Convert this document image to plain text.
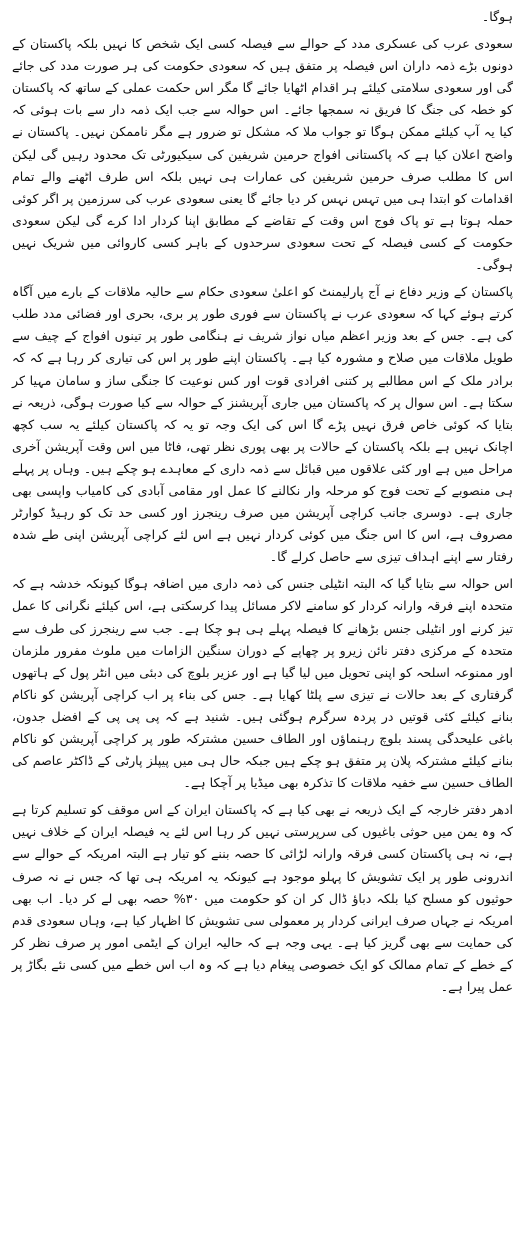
ہوگا۔

سعودی عرب کی عسکری مدد کے حوالے سے فیصلہ کسی ایک شخص کا نہیں بلکہ پاکستان کے دونوں بڑے ذمہ داران اس فیصلہ پر متفق ہیں کہ سعودی حکومت کی ہر صورت مدد کی جائے گی اور سعودی سلامتی کیلئے ہر اقدام اٹھایا جائے گا مگر اس حکمت عملی کے ساتھ کہ پاکستان کو خطہ کی جنگ کا فریق نہ سمجھا جائے۔ اس حوالہ سے جب ایک ذمہ دار سے بات ہوئی کہ کیا یہ آپ کیلئے ممکن ہوگا تو جواب ملا کہ مشکل تو ضرور ہے مگر ناممکن نہیں۔ پاکستان نے واضح اعلان کیا ہے کہ پاکستانی افواج حرمین شریفین کی سیکیورٹی تک محدود رہیں گی لیکن اس کا مطلب صرف حرمین شریفین کی عمارات ہی نہیں بلکہ اس طرف اٹھنے والے تمام اقدامات کو ابتدا ہی میں تہس نہس کر دیا جائے گا یعنی سعودی عرب کی سرزمین پر اگر کوئی حملہ ہوتا ہے تو پاک فوج اس وقت کے تقاضے کے مطابق اپنا کردار ادا کرے گی لیکن سعودی حکومت کے کسی فیصلہ کے تحت سعودی سرحدوں کے باہر کسی کاروائی میں شریک نہیں ہوگی۔

پاکستان کے وزیر دفاع نے آج پارلیمنٹ کو اعلیٰ سعودی حکام سے حالیہ ملاقات کے بارے میں آگاہ کرتے ہوئے کہا کہ سعودی عرب نے پاکستان سے فوری طور پر بری، بحری اور فضائی مدد طلب کی ہے۔ جس کے بعد وزیر اعظم میاں نواز شریف نے ہنگامی طور پر تینوں افواج کے چیف سے طویل ملاقات میں صلاح و مشورہ کیا ہے۔ پاکستان اپنے طور پر اس کی تیاری کر رہا ہے کہ کہ برادر ملک کے اس مطالبے پر کتنی افرادی قوت اور کس نوعیت کا جنگی ساز و سامان مہیا کر سکتا ہے۔ اس سوال پر کہ پاکستان میں جاری آپریشنز کے حوالہ سے کیا صورت ہوگی، ذریعہ نے بتایا کہ کوئی خاص فرق نہیں پڑے گا اس کی ایک وجہ تو یہ کہ پاکستان کیلئے یہ سب کچھ اچانک نہیں ہے بلکہ پاکستان کے حالات پر بھی پوری نظر تھی، فاٹا میں اس وقت آپریشن آخری مراحل میں ہے اور کئی علاقوں میں قبائل سے ذمہ داری کے معاہدے ہو چکے ہیں۔ وہاں پر پہلے ہی منصوبے کے تحت فوج کو مرحلہ وار نکالنے کا عمل اور مقامی آبادی کی کامیاب واپسی بھی جاری ہے۔ دوسری جانب کراچی آپریشن میں صرف رینجرز اور کسی حد تک کو رہیڈ کوارٹر مصروف ہے، اس کا اس جنگ میں کوئی کردار نہیں ہے اس لئے کراچی آپریشن اپنی طے شدہ رفتار سے اپنے اہداف تیزی سے حاصل کرلے گا۔

اس حوالہ سے بتایا گیا کہ البتہ انٹیلی جنس کی ذمہ داری میں اضافہ ہوگا کیونکہ خدشہ ہے کہ متحدہ اپنے فرقہ وارانہ کردار کو سامنے لاکر مسائل پیدا کرسکتی ہے، اس کیلئے نگرانی کا عمل تیز کرنے اور انٹیلی جنس بڑھانے کا فیصلہ پہلے ہی ہو چکا ہے۔ جب سے رینجرز کی طرف سے متحدہ کے مرکزی دفتر نائن زیرو پر چھاپے کے دوران سنگین الزامات میں ملوث مفرور ملزمان اور ممنوعہ اسلحہ کو اپنی تحویل میں لیا گیا ہے اور عزیر بلوچ کی دبئی میں انٹر پول کے ہاتھوں گرفتاری کے بعد حالات نے تیزی سے پلٹا کھایا ہے۔ جس کی بناء پر اب کراچی آپریشن کو ناکام بنانے کیلئے کئی قوتیں در پردہ سرگرم ہوگئی ہیں۔ شنید ہے کہ پی پی پی کے افضل جدون، باغی علیحدگی پسند بلوچ رہنماؤں اور الطاف حسین مشترکہ طور پر کراچی آپریشن کو ناکام بنانے کیلئے مشترکہ پلان پر متفق ہو چکے ہیں جبکہ حال ہی میں پیپلز پارٹی کے ڈاکٹر عاصم کی الطاف حسین سے خفیہ ملاقات کا تذکرہ بھی میڈیا پر آچکا ہے۔

ادھر دفتر خارجہ کے ایک ذریعہ نے بھی کیا ہے کہ پاکستان ایران کے اس موقف کو تسلیم کرتا ہے کہ وہ یمن میں حوثی باغیوں کی سرپرستی نہیں کر رہا اس لئے یہ فیصلہ ایران کے خلاف نہیں ہے، نہ ہی پاکستان کسی فرقہ وارانہ لڑائی کا حصہ بننے کو تیار ہے البتہ امریکہ کے حوالے سے اندرونی طور پر ایک تشویش کا پہلو موجود ہے کیونکہ یہ امریکہ ہی تھا کہ جس نے نہ صرف حوثیوں کو مسلح کیا بلکہ دباؤ ڈال کر ان کو حکومت میں ۳۰% حصہ بھی لے کر دیا۔ اب بھی امریکہ نے جہاں صرف ایرانی کردار پر معمولی سی تشویش کا اظہار کیا ہے، وہاں سعودی قدم کی حمایت سے بھی گریز کیا ہے۔ یہی وجہ ہے کہ حالیہ ایران کے ایٹمی امور پر صرف نظر کر کے خطے کے تمام ممالک کو ایک خصوصی پیغام دیا ہے کہ وہ اب اس خطے میں کسی نئے بگاڑ پر عمل پیرا ہے۔
